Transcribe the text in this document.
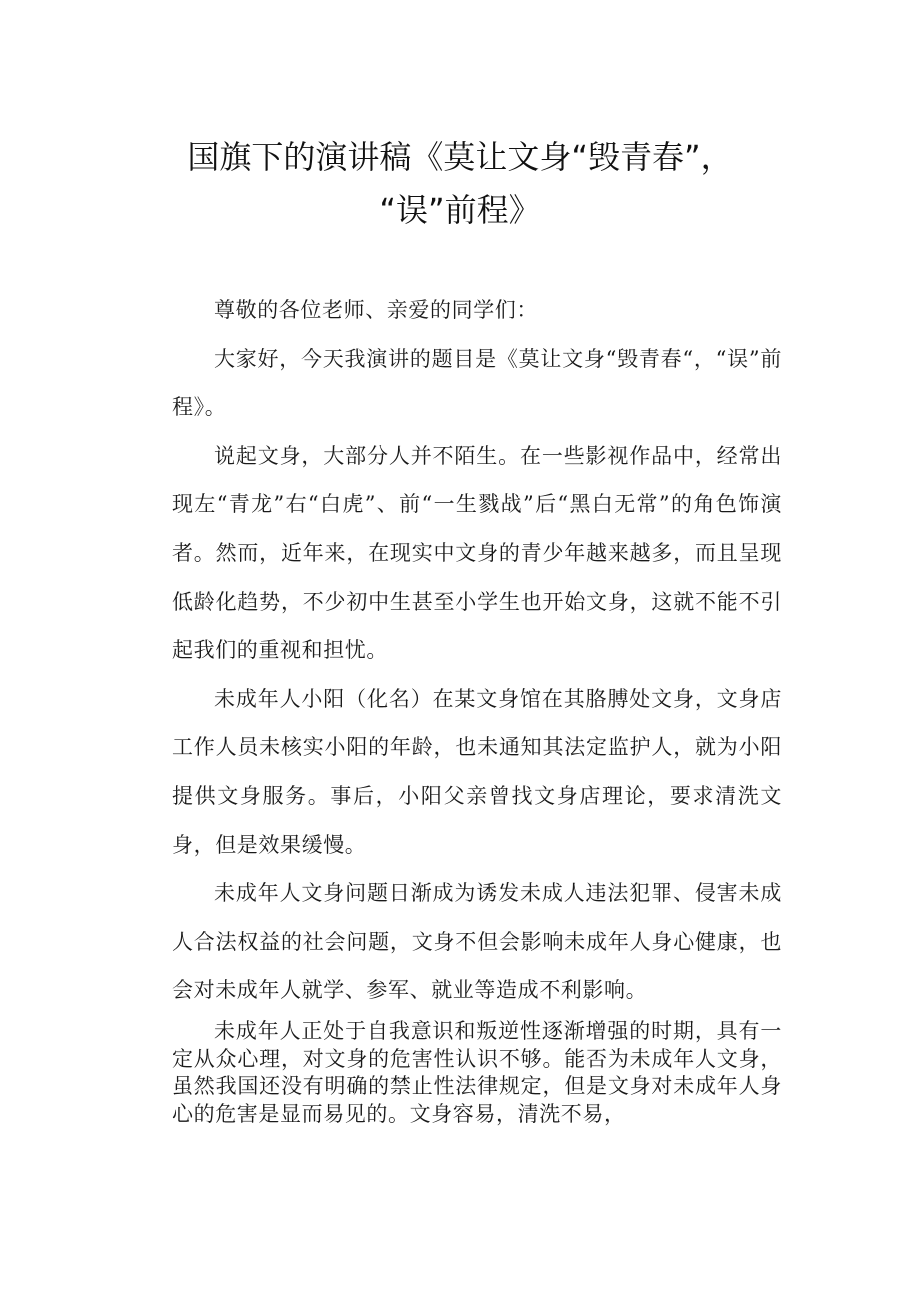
国旗下的演讲稿《莫让文身“毁青春”，
“误”前程》

尊敬的各位老师、亲爱的同学们：

大家好，今天我演讲的题目是《莫让文身“毁青春“，“误”前程》。

说起文身，大部分人并不陌生。在一些影视作品中，经常出现左“青龙”右“白虎”、前“一生戮战”后“黑白无常”的角色饰演者。然而，近年来，在现实中文身的青少年越来越多，而且呈现低龄化趋势，不少初中生甚至小学生也开始文身，这就不能不引起我们的重视和担忧。

未成年人小阳（化名）在某文身馆在其胳膊处文身，文身店工作人员未核实小阳的年龄，也未通知其法定监护人，就为小阳提供文身服务。事后，小阳父亲曾找文身店理论，要求清洗文身，但是效果缓慢。

未成年人文身问题日渐成为诱发未成人违法犯罪、侵害未成人合法权益的社会问题，文身不但会影响未成年人身心健康，也会对未成年人就学、参军、就业等造成不利影响。

未成年人正处于自我意识和叛逆性逐渐增强的时期，具有一定从众心理，对文身的危害性认识不够。能否为未成年人文身，虽然我国还没有明确的禁止性法律规定，但是文身对未成年人身心的危害是显而易见的。文身容易，清洗不易，
